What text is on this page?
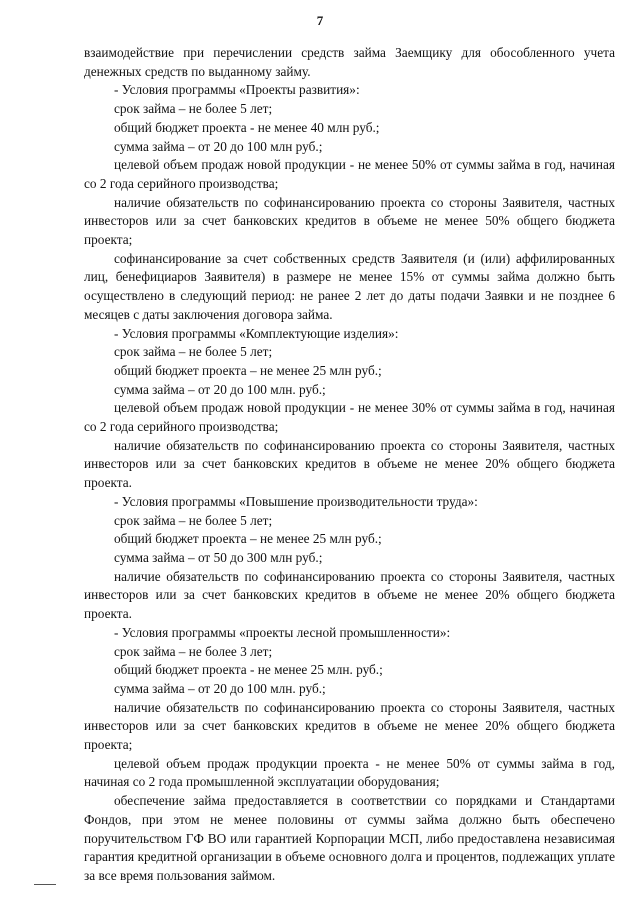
7

взаимодействие при перечислении средств займа Заемщику для обособленного учета денежных средств по выданному займу.

- Условия программы «Проекты развития»:

срок займа – не более 5 лет;

общий бюджет проекта - не менее 40 млн руб.;

сумма займа – от 20 до 100 млн руб.;

целевой объем продаж новой продукции - не менее 50% от суммы займа в год, начиная со 2 года серийного производства;

наличие обязательств по софинансированию проекта со стороны Заявителя, частных инвесторов или за счет банковских кредитов в объеме не менее 50% общего бюджета проекта;

софинансирование за счет собственных средств Заявителя (и (или) аффилированных лиц, бенефициаров Заявителя) в размере не менее 15% от суммы займа должно быть осуществлено в следующий период: не ранее 2 лет до даты подачи Заявки и не позднее 6 месяцев с даты заключения договора займа.

- Условия программы «Комплектующие изделия»:

срок займа – не более 5 лет;

общий бюджет проекта – не менее 25 млн руб.;

сумма займа – от 20 до 100 млн. руб.;

целевой объем продаж новой продукции - не менее 30% от суммы займа в год, начиная со 2 года серийного производства;

наличие обязательств по софинансированию проекта со стороны Заявителя, частных инвесторов или за счет банковских кредитов в объеме не менее 20% общего бюджета проекта.

- Условия программы «Повышение производительности труда»:

срок займа – не более 5 лет;

общий бюджет проекта – не менее 25 млн руб.;

сумма займа – от 50 до 300 млн руб.;

наличие обязательств по софинансированию проекта со стороны Заявителя, частных инвесторов или за счет банковских кредитов в объеме не менее 20% общего бюджета проекта.

- Условия программы «проекты лесной промышленности»:

срок займа – не более 3 лет;

общий бюджет проекта - не менее 25 млн. руб.;

сумма займа – от 20 до 100 млн. руб.;

наличие обязательств по софинансированию проекта со стороны Заявителя, частных инвесторов или за счет банковских кредитов в объеме не менее 20% общего бюджета проекта;

целевой объем продаж продукции проекта - не менее 50% от суммы займа в год, начиная со 2 года промышленной эксплуатации оборудования;

обеспечение займа предоставляется в соответствии со порядками и Стандартами Фондов, при этом не менее половины от суммы займа должно быть обеспечено поручительством ГФ ВО или гарантией Корпорации МСП, либо предоставлена независимая гарантия кредитной организации в объеме основного долга и процентов, подлежащих уплате за все время пользования займом.
